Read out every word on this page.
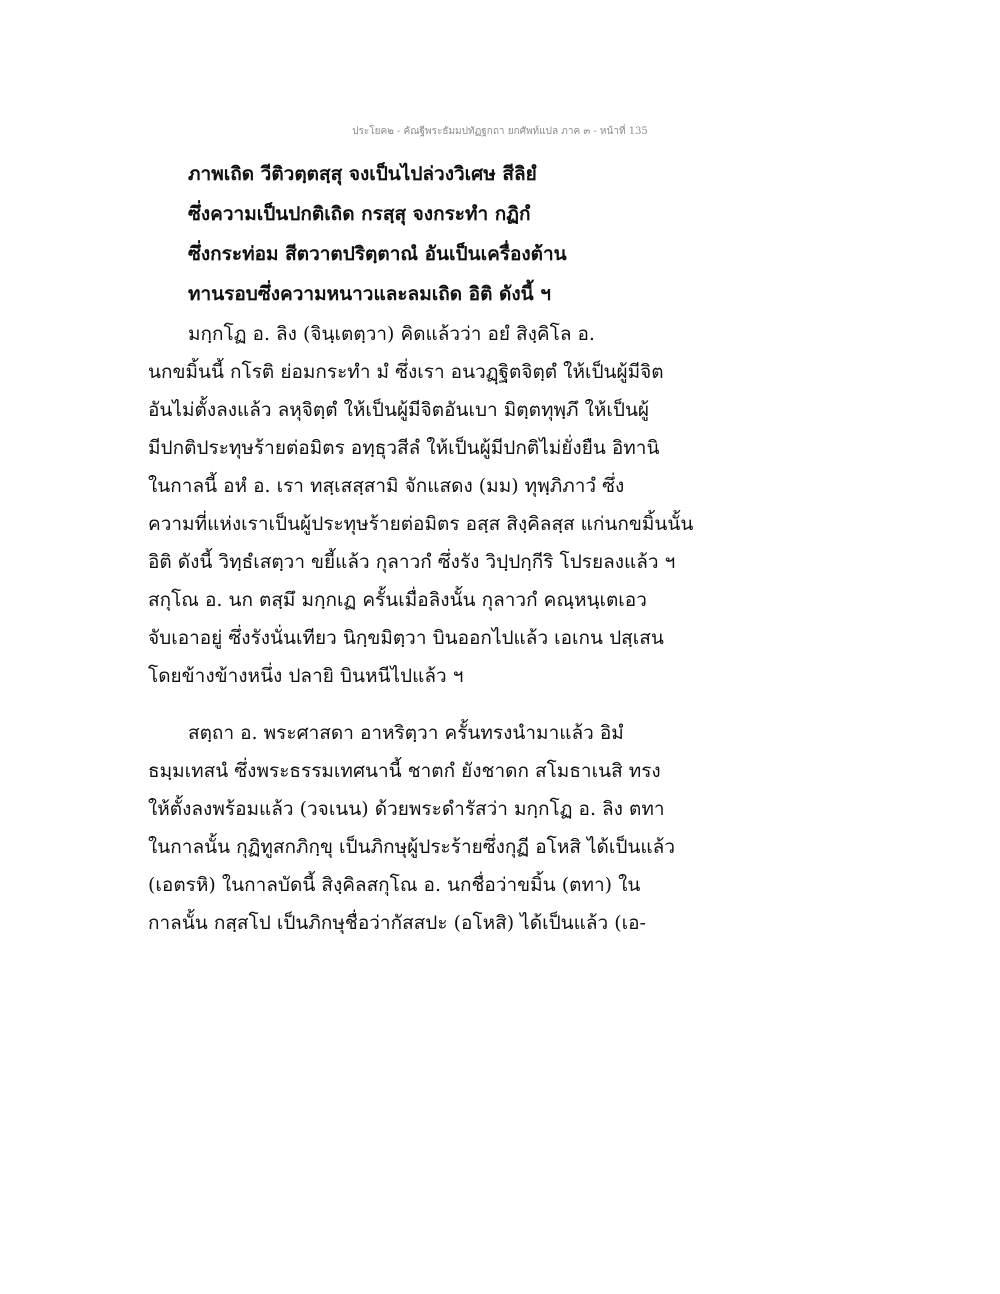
ประโยค๒ - คัณฐีพระธัมมปทัฏฐกถา ยกศัพท์แปล ภาค ๓ - หน้าที่ 135
ภาพเถิด วีติวตฺตสฺสุ จงเป็นไปล่วงวิเศษ สีลิยํ
ซึ่งความเป็นปกติเถิด กรสฺสุ จงกระทำ กฏิกํ
ซึ่งกระท่อม สีตวาตปริตฺตาณํ อันเป็นเครื่องต้าน
ทานรอบซึ่งความหนาวและลมเถิด อิติ ดังนี้ ฯ
มกฺกโฏ อ. ลิง (จินฺเตตฺวา) คิดแล้วว่า อยํ สิงฺคิโล อ.
นกขมิ้นนี้ กโรติ ย่อมกระทำ มํ ซึ่งเรา อนวฏฺฐิตจิตฺตํ ให้เป็นผู้มีจิต
อันไม่ตั้งลงแล้ว ลหุจิตฺตํ ให้เป็นผู้มีจิตอันเบา มิตฺตทุพฺภึ ให้เป็นผู้
มีปกติประทุษร้ายต่อมิตร อทฺธุวสีลํ ให้เป็นผู้มีปกติไม่ยั่งยืน อิทานิ
ในกาลนี้ อหํ อ. เรา ทสฺเสสฺสามิ จักแสดง (มม) ทุพฺภิภาวํ ซึ่ง
ความที่แห่งเราเป็นผู้ประทุษร้ายต่อมิตร อสฺส สิงฺคิลสฺส แก่นกขมิ้นนั้น
อิติ ดังนี้ วิทฺธํเสตฺวา ขยี้แล้ว กุลาวกํ ซึ่งรัง วิปฺปกฺกีริ โปรยลงแล้ว ฯ
สกุโณ อ. นก ตสฺมึ มกฺกเฏ ครั้นเมื่อลิงนั้น กุลาวกํ คณฺหนฺเตเอว
จับเอาอยู่ ซึ่งรังนั่นเทียว นิกฺขมิตฺวา บินออกไปแล้ว เอเกน ปสฺเสน
โดยข้างข้างหนึ่ง ปลายิ บินหนีไปแล้ว ฯ
สตฺถา อ. พระศาสดา อาหริตฺวา ครั้นทรงนำมาแล้ว อิมํ
ธมฺมเทสนํ ซึ่งพระธรรมเทศนานี้ ชาตกํ ยังชาดก สโมธาเนสิ ทรง
ให้ตั้งลงพร้อมแล้ว (วจเนน) ด้วยพระดำรัสว่า มกฺกโฏ อ. ลิง ตทา
ในกาลนั้น กุฏิทูสกภิกฺขุ เป็นภิกษุผู้ประร้ายซึ่งกุฏี อโหสิ ได้เป็นแล้ว
(เอตรหิ) ในกาลบัดนี้ สิงฺคิลสกุโณ อ. นกชื่อว่าขมิ้น (ตทา) ใน
กาลนั้น กสฺสโป เป็นภิกษุชื่อว่ากัสสปะ (อโหสิ) ได้เป็นแล้ว (เอ-
